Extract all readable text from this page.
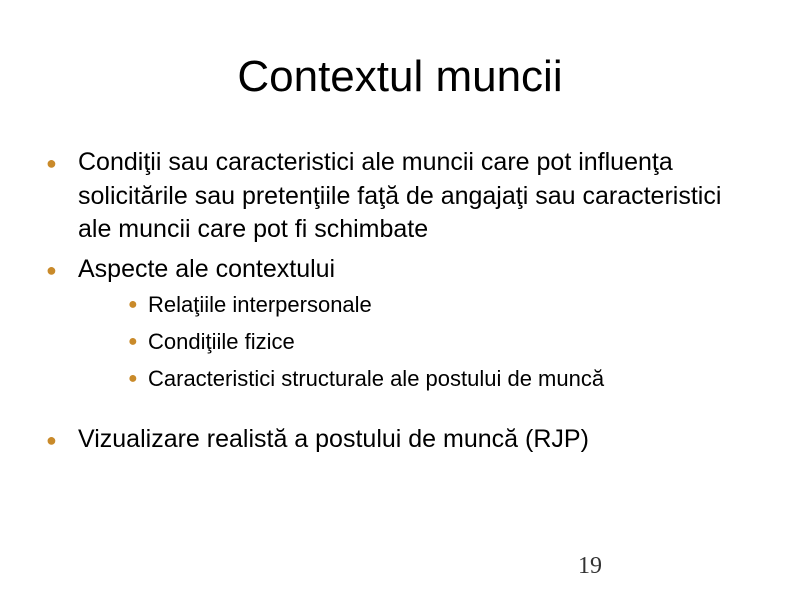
Contextul muncii
● Condiţii sau caracteristici ale muncii care pot influenţa solicitările sau pretenţiile faţă de angajaţi sau caracteristici ale muncii care pot fi schimbate
● Aspecte ale contextului
● Relaţiile interpersonale
● Condiţiile fizice
● Caracteristici structurale ale postului de muncă
● Vizualizare realistă a postului de muncă (RJP)
19
